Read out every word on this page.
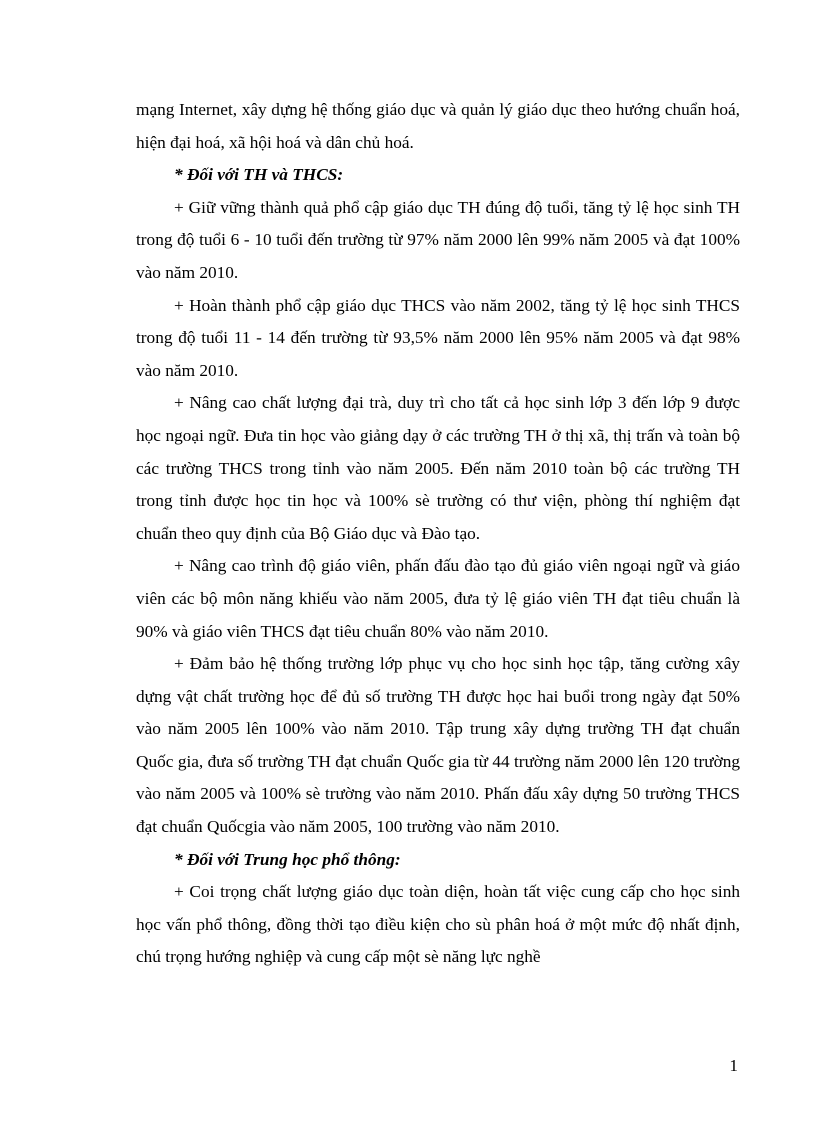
mạng Internet, xây dựng hệ thống giáo dục và quản lý giáo dục theo hướng chuẩn hoá, hiện đại hoá, xã hội hoá và dân chủ hoá.

* Đối với TH và THCS:

+ Giữ vững thành quả phổ cập giáo dục TH đúng độ tuổi, tăng tỷ lệ học sinh TH trong độ tuổi 6 - 10 tuổi đến trường từ 97% năm 2000 lên 99% năm 2005 và đạt 100% vào năm 2010.

+ Hoàn thành phổ cập giáo dục THCS vào năm 2002, tăng tỷ lệ học sinh THCS trong độ tuổi 11 - 14 đến trường từ 93,5% năm 2000 lên 95% năm 2005 và đạt 98% vào năm 2010.

+ Nâng cao chất lượng đại trà, duy trì cho tất cả học sinh lớp 3 đến lớp 9 được học ngoại ngữ. Đưa tin học vào giảng dạy ở các trường TH ở thị xã, thị trấn và toàn bộ các trường THCS trong tỉnh vào năm 2005. Đến năm 2010 toàn bộ các trường TH trong tỉnh được học tin học và 100% sè trường có thư viện, phòng thí nghiệm đạt chuẩn theo quy định của Bộ Giáo dục và Đào tạo.

+ Nâng cao trình độ giáo viên, phấn đấu đào tạo đủ giáo viên ngoại ngữ và giáo viên các bộ môn năng khiếu vào năm 2005, đưa tỷ lệ giáo viên TH đạt tiêu chuẩn là 90% và giáo viên THCS đạt tiêu chuẩn 80% vào năm 2010.

+ Đảm bảo hệ thống trường lớp phục vụ cho học sinh học tập, tăng cường xây dựng vật chất trường học để đủ số trường TH được học hai buổi trong ngày đạt 50% vào năm 2005 lên 100% vào năm 2010. Tập trung xây dựng trường TH đạt chuẩn Quốc gia, đưa số trường TH đạt chuẩn Quốc gia từ 44 trường năm 2000 lên 120 trường vào năm 2005 và 100% sè trường vào năm 2010. Phấn đấu xây dựng 50 trường THCS đạt chuẩn Quốcgia vào năm 2005, 100 trường vào năm 2010.

* Đối với Trung học phổ thông:

+ Coi trọng chất lượng giáo dục toàn diện, hoàn tất việc cung cấp cho học sinh học vấn phổ thông, đồng thời tạo điều kiện cho sù phân hoá ở một mức độ nhất định, chú trọng hướng nghiệp và cung cấp một sè năng lực nghề

1
